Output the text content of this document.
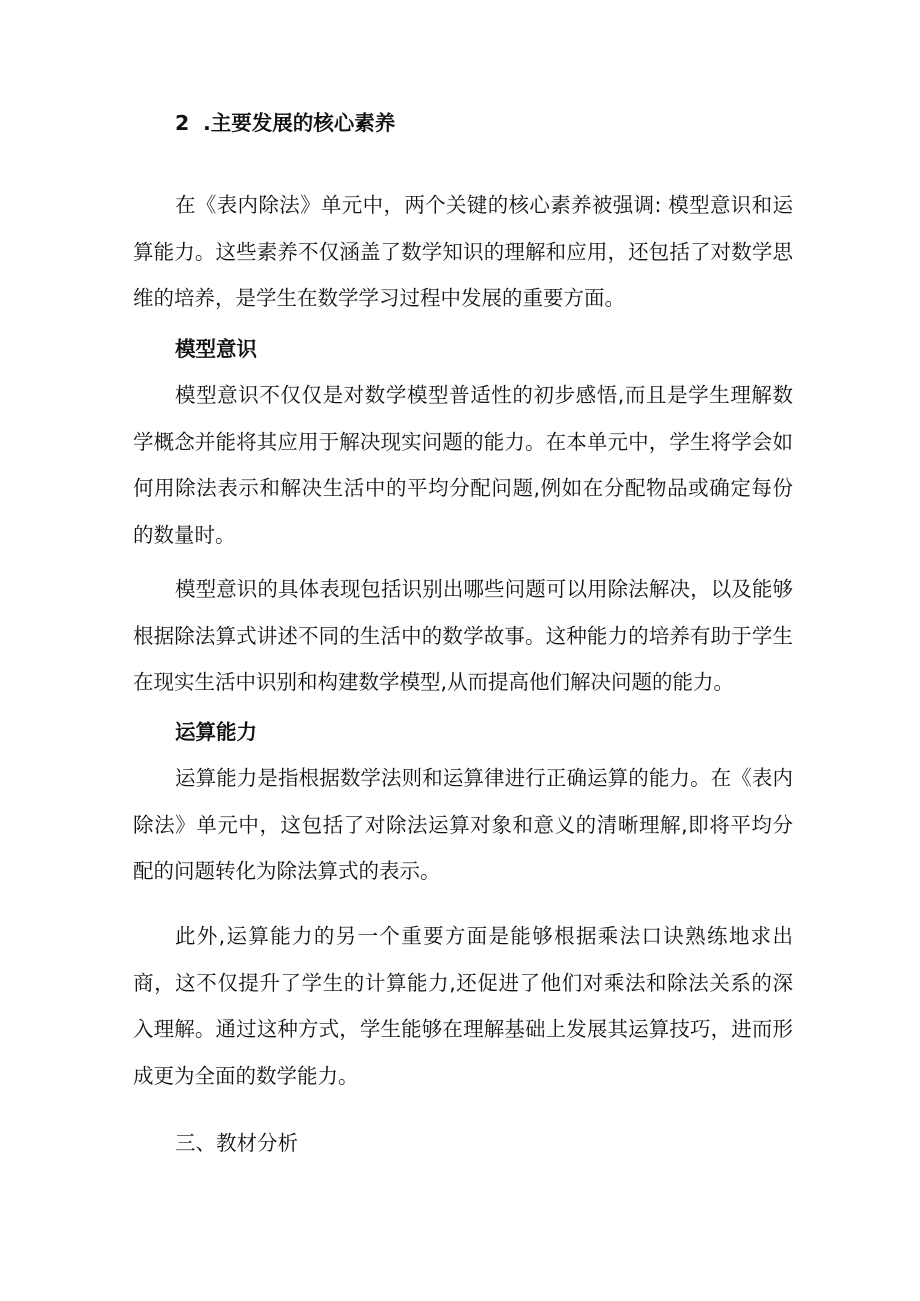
2 .主要发展的核心素养

在《表内除法》单元中，两个关键的核心素养被强调: 模型意识和运算能力。这些素养不仅涵盖了数学知识的理解和应用，还包括了对数学思维的培养，是学生在数学学习过程中发展的重要方面。

模型意识

模型意识不仅仅是对数学模型普适性的初步感悟,而且是学生理解数学概念并能将其应用于解决现实问题的能力。在本单元中，学生将学会如何用除法表示和解决生活中的平均分配问题,例如在分配物品或确定每份的数量时。

模型意识的具体表现包括识别出哪些问题可以用除法解决，以及能够根据除法算式讲述不同的生活中的数学故事。这种能力的培养有助于学生在现实生活中识别和构建数学模型,从而提高他们解决问题的能力。

运算能力

运算能力是指根据数学法则和运算律进行正确运算的能力。在《表内除法》单元中，这包括了对除法运算对象和意义的清晰理解,即将平均分配的问题转化为除法算式的表示。

此外,运算能力的另一个重要方面是能够根据乘法口诀熟练地求出商，这不仅提升了学生的计算能力,还促进了他们对乘法和除法关系的深入理解。通过这种方式，学生能够在理解基础上发展其运算技巧，进而形成更为全面的数学能力。

三、教材分析
